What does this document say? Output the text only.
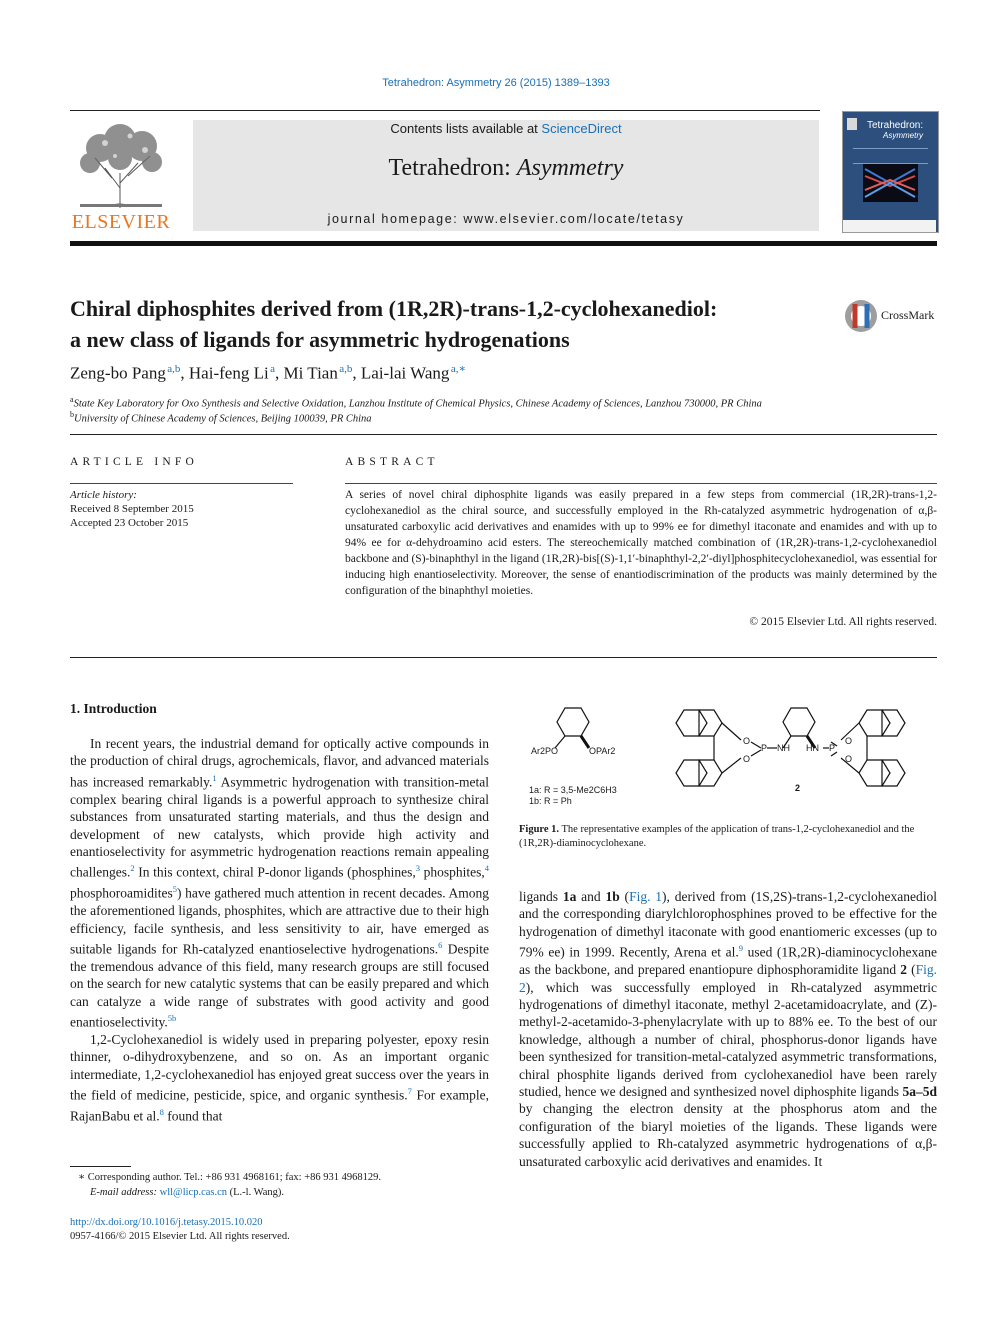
Tetrahedron: Asymmetry 26 (2015) 1389–1393
ELSEVIER
Contents lists available at ScienceDirect
Tetrahedron: Asymmetry
journal homepage: www.elsevier.com/locate/tetasy
Tetrahedron:
Asymmetry
Chiral diphosphites derived from (1R,2R)-trans-1,2-cyclohexanediol:
a new class of ligands for asymmetric hydrogenations
CrossMark
Zeng-bo Pang $^{a,b}$, Hai-feng Li $^a$, Mi Tian $^{a,b}$, Lai-lai Wang $^{a,∗}$
$^a$State Key Laboratory for Oxo Synthesis and Selective Oxidation, Lanzhou Institute of Chemical Physics, Chinese Academy of Sciences, Lanzhou 730000, PR China
$^b$University of Chinese Academy of Sciences, Beijing 100039, PR China
ARTICLE INFO
Article history:
Received 8 September 2015
Accepted 23 October 2015
ABSTRACT
A series of novel chiral diphosphite ligands was easily prepared in a few steps from commercial (1R,2R)-trans-1,2-cyclohexanediol as the chiral source, and successfully employed in the Rh-catalyzed asymmetric hydrogenation of α,β-unsaturated carboxylic acid derivatives and enamides with up to 99% ee for dimethyl itaconate and enamides and with up to 94% ee for α-dehydroamino acid esters. The stereochemically matched combination of (1R,2R)-trans-1,2-cyclohexanediol backbone and (S)-binaphthyl in the ligand (1R,2R)-bis[(S)-1,1′-binaphthyl-2,2′-diyl]phosphitecyclohexanediol, was essential for inducing high enantioselectivity. Moreover, the sense of enantiodiscrimination of the products was mainly determined by the configuration of the binaphthyl moieties.
© 2015 Elsevier Ltd. All rights reserved.
1. Introduction

In recent years, the industrial demand for optically active compounds in the production of chiral drugs, agrochemicals, flavor, and advanced materials has increased remarkably.$^1$ Asymmetric hydrogenation with transition-metal complex bearing chiral ligands is a powerful approach to synthesize chiral substances from unsaturated starting materials, and thus the design and development of new catalysts, which provide high activity and enantioselectivity for asymmetric hydrogenation reactions remain appealing challenges.$^2$ In this context, chiral P-donor ligands (phosphines,$^3$ phosphites,$^4$ phosphoroamidites$^5$) have gathered much attention in recent decades. Among the aforementioned ligands, phosphites, which are attractive due to their high efficiency, facile synthesis, and less sensitivity to air, have emerged as suitable ligands for Rh-catalyzed enantioselective hydrogenations.$^6$ Despite the tremendous advance of this field, many research groups are still focused on the search for new catalytic systems that can be easily prepared and which can catalyze a wide range of substrates with good activity and good enantioselectivity.$^{5b}$

1,2-Cyclohexanediol is widely used in preparing polyester, epoxy resin thinner, o-dihydroxybenzene, and so on. As an important organic intermediate, 1,2-cyclohexanediol has enjoyed great success over the years in the field of medicine, pesticide, spice, and organic synthesis.$^7$ For example, RajanBabu et al.$^8$ found that

Ar2PO	OPAr2
O
O
P NH HN P
O
O
1a: R = 3,5-Me2C6H3
1b: R = Ph
2
Figure 1. The representative examples of the application of trans-1,2-cyclohexanediol and the (1R,2R)-diaminocyclohexane.

ligands 1a and 1b (Fig. 1), derived from (1S,2S)-trans-1,2-cyclohexanediol and the corresponding diarylchlorophosphines proved to be effective for the hydrogenation of dimethyl itaconate with good enantiomeric excesses (up to 79% ee) in 1999. Recently, Arena et al.$^9$ used (1R,2R)-diaminocyclohexane as the backbone, and prepared enantiopure diphosphoramidite ligand 2 (Fig. 2), which was successfully employed in Rh-catalyzed asymmetric hydrogenations of dimethyl itaconate, methyl 2-acetamidoacrylate, and (Z)-methyl-2-acetamido-3-phenylacrylate with up to 88% ee. To the best of our knowledge, although a number of chiral, phosphorus-donor ligands have been synthesized for transition-metal-catalyzed asymmetric transformations, chiral phosphite ligands derived from cyclohexanediol have been rarely studied, hence we designed and synthesized novel diphosphite ligands 5a–5d by changing the electron density at the phosphorus atom and the configuration of the biaryl moieties of the ligands. These ligands were successfully applied to Rh-catalyzed asymmetric hydrogenations of α,β-unsaturated carboxylic acid derivatives and enamides. It

∗ Corresponding author. Tel.: +86 931 4968161; fax: +86 931 4968129.
E-mail address: wll@licp.cas.cn (L.-l. Wang).
http://dx.doi.org/10.1016/j.tetasy.2015.10.020
0957-4166/© 2015 Elsevier Ltd. All rights reserved.
